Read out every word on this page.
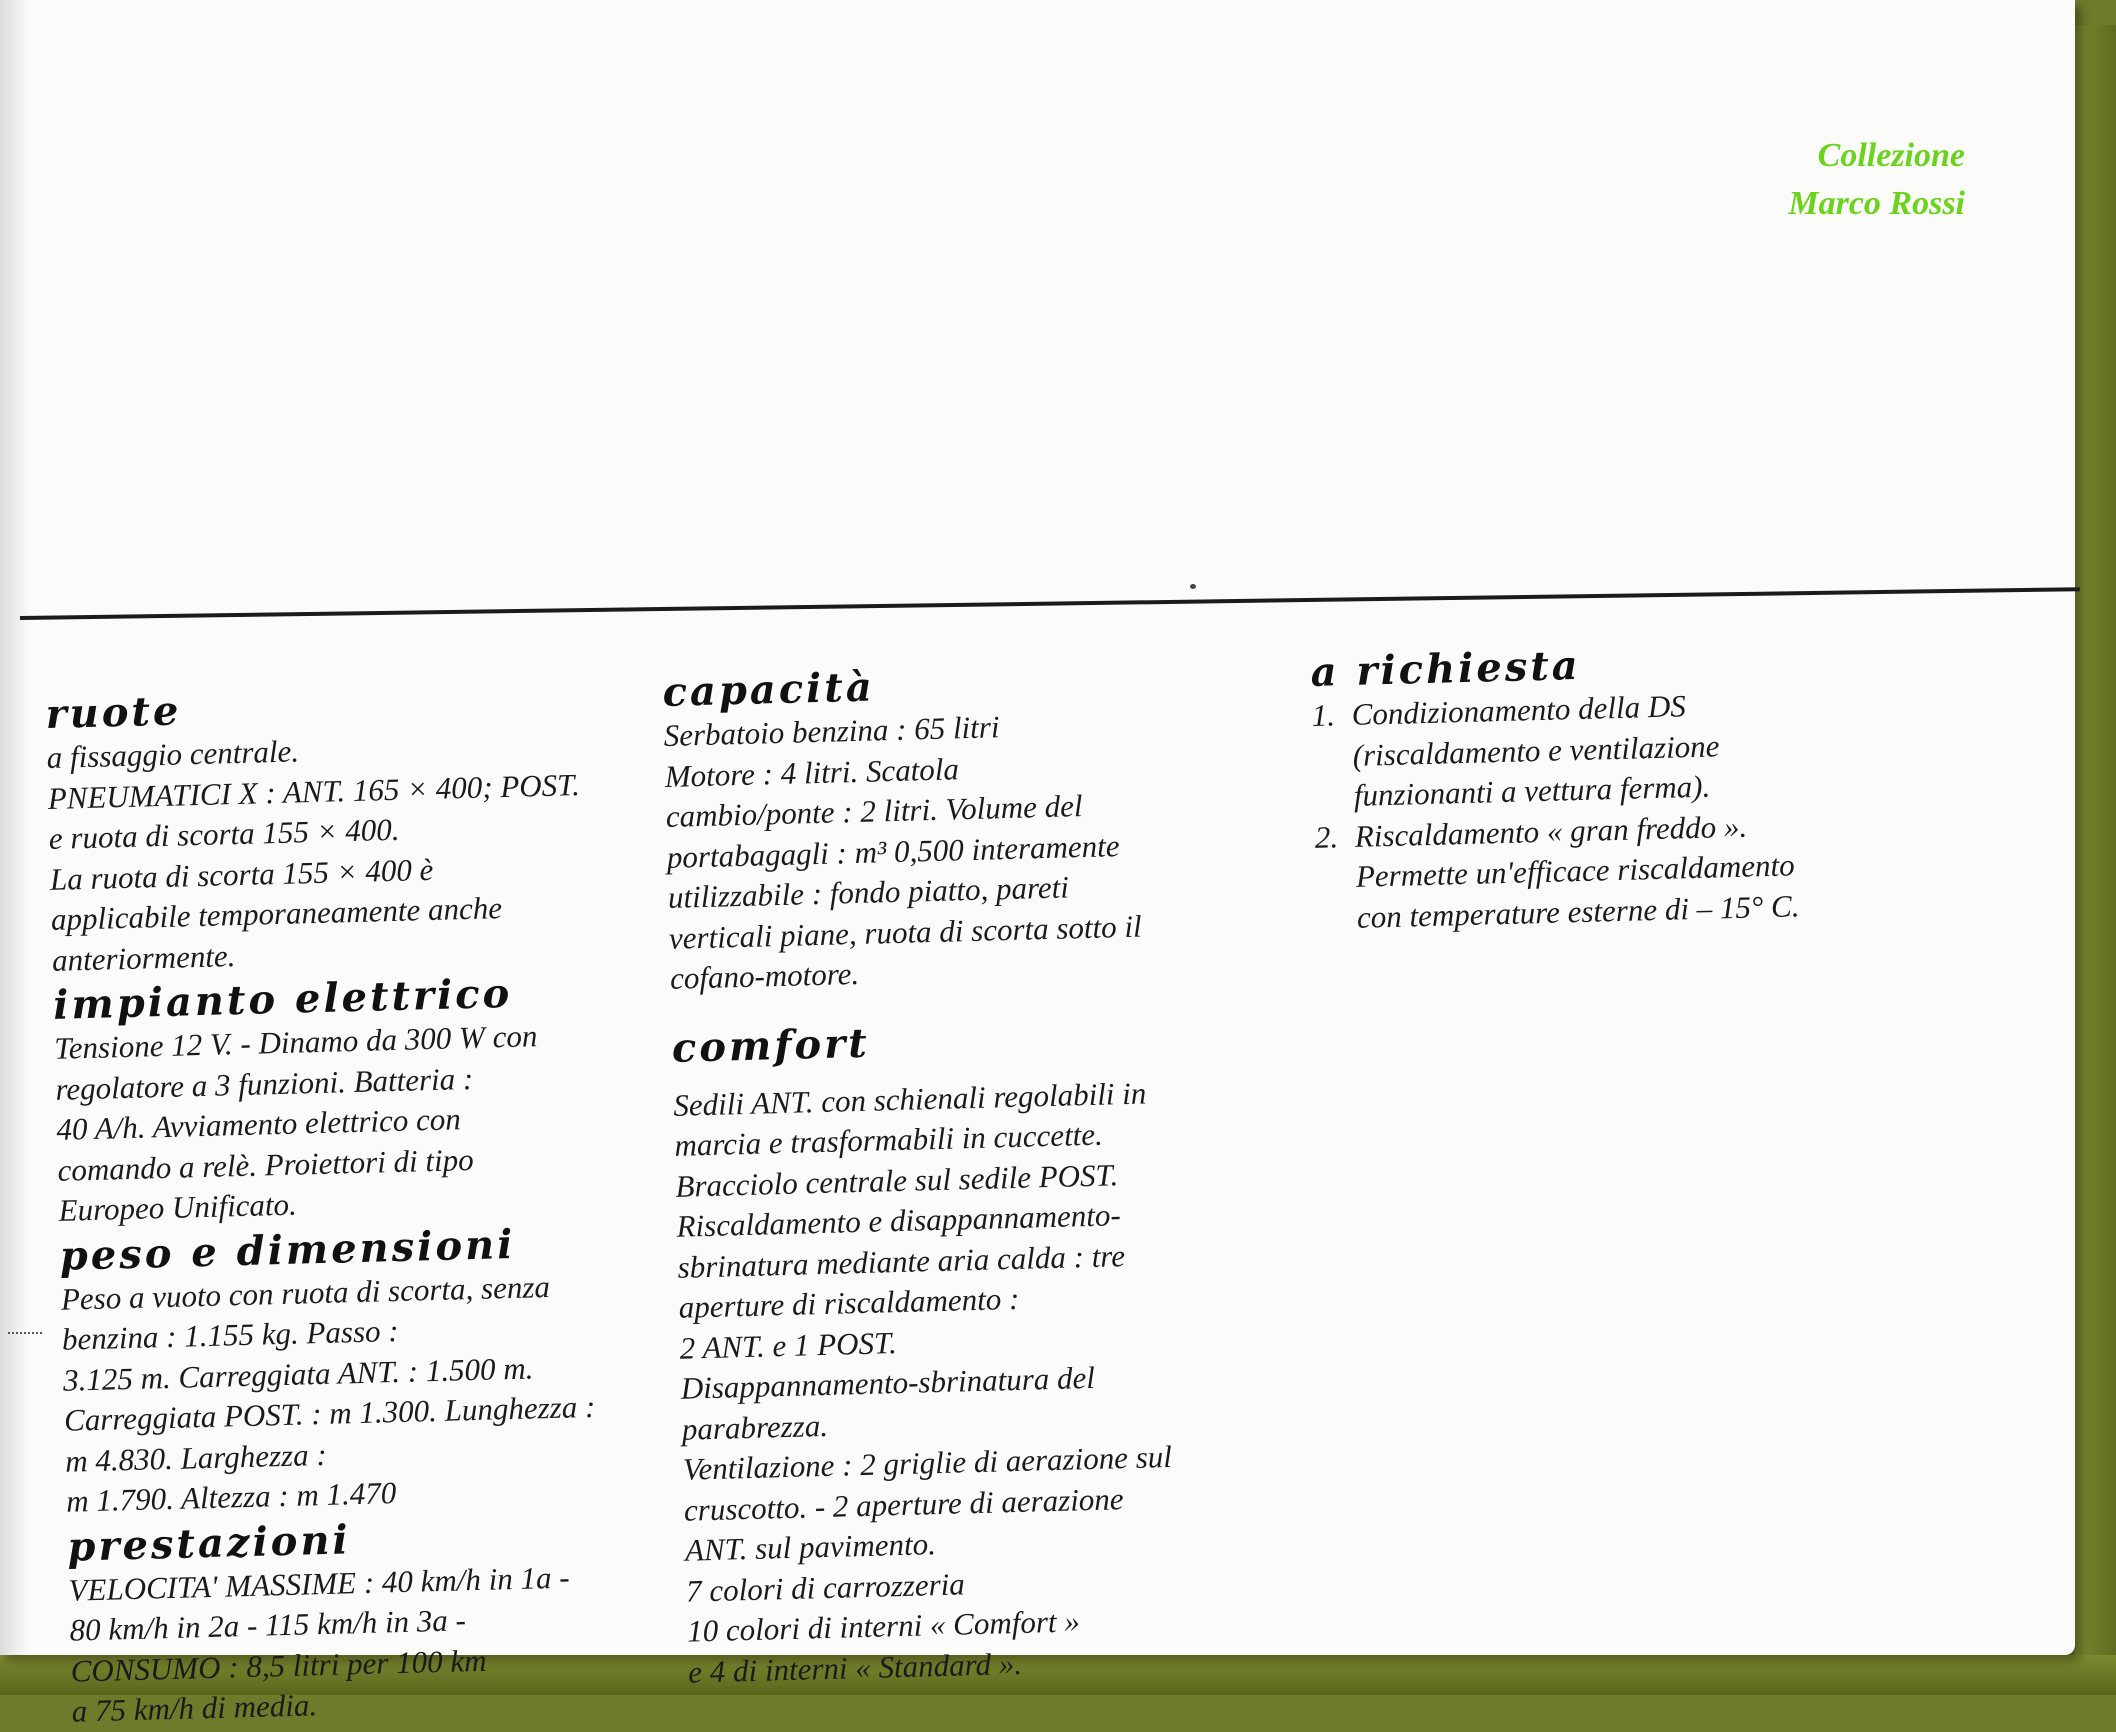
Collezione
Marco Rossi
ruote

a fissaggio centrale.

PNEUMATICI X : ANT. 165 × 400; POST.

e ruota di scorta 155 × 400.

La ruota di scorta 155 × 400 è

applicabile temporaneamente anche

anteriormente.

impianto elettrico

Tensione 12 V. - Dinamo da 300 W con

regolatore a 3 funzioni. Batteria :

40 A/h. Avviamento elettrico con

comando a relè. Proiettori di tipo

Europeo Unificato.

peso e dimensioni

Peso a vuoto con ruota di scorta, senza

benzina : 1.155 kg. Passo :

3.125 m. Carreggiata ANT. : 1.500 m.

Carreggiata POST. : m 1.300. Lunghezza :

m 4.830. Larghezza :

m 1.790. Altezza : m 1.470

prestazioni

VELOCITA' MASSIME : 40 km/h in 1a -

80 km/h in 2a - 115 km/h in 3a -

CONSUMO : 8,5 litri per 100 km

a 75 km/h di media.

capacità

Serbatoio benzina : 65 litri

Motore : 4 litri. Scatola

cambio/ponte : 2 litri. Volume del

portabagagli : m³ 0,500 interamente

utilizzabile : fondo piatto, pareti

verticali piane, ruota di scorta sotto il

cofano-motore.

comfort

Sedili ANT. con schienali regolabili in

marcia e trasformabili in cuccette.

Bracciolo centrale sul sedile POST.

Riscaldamento e disappannamento-

sbrinatura mediante aria calda : tre

aperture di riscaldamento :

2 ANT. e 1 POST.

Disappannamento-sbrinatura del

parabrezza.

Ventilazione : 2 griglie di aerazione sul

cruscotto. - 2 aperture di aerazione

ANT. sul pavimento.

7 colori di carrozzeria

10 colori di interni « Comfort »

e 4 di interni « Standard ».

a richiesta
1. Condizionamento della DS

(riscaldamento e ventilazione

funzionanti a vettura ferma).

2. Riscaldamento « gran freddo ».

Permette un'efficace riscaldamento

con temperature esterne di – 15° C.
